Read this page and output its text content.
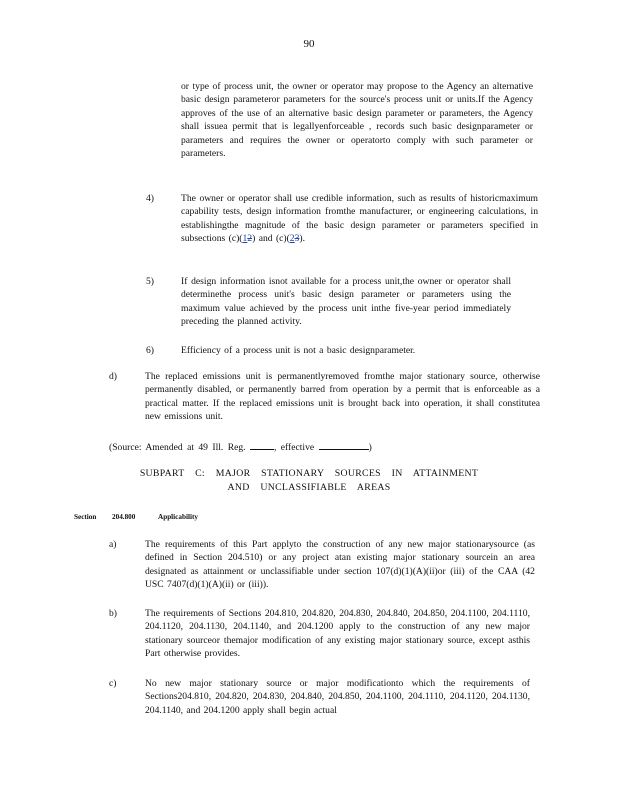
90
or type of process unit, the owner or operator may propose to the Agency an alternative basic design parameteror parameters for the source's process unit or units.If the Agency approves of the use of an alternative basic design parameter or parameters, the Agency shall issuea permit that is legallyenforceable , records such basic designparameter or parameters and requires the owner or operatorto comply with such parameter or parameters.
4)	The owner or operator shall use credible information, such as results of historicmaximum capability tests, design information fromthe manufacturer, or engineering calculations, in establishingthe magnitude of the basic design parameter or parameters specified in subsections (c)(12) and (c)(23).
5)	If design information isnot available for a process unit,the owner or operator shall determinethe process unit's basic design parameter or parameters using the maximum value achieved by the process unit inthe five-year period immediately preceding the planned activity.
6)	Efficiency of a process unit is not a basic designparameter.
d)	The replaced emissions unit is permanentlyremoved fromthe major stationary source, otherwise permanently disabled, or permanently barred from operation by a permit that is enforceable as a practical matter. If the replaced emissions unit is brought back into operation, it shall constitutea new emissions unit.
(Source: Amended at 49 Ill. Reg.	, effective	)
SUBPART C: MAJOR STATIONARY SOURCES IN ATTAINMENT
AND UNCLASSIFIABLE AREAS
Section 204.800	Applicability
a)	The requirements of this Part applyto the construction of any new major stationarysource (as defined in Section 204.510) or any project atan existing major stationary sourcein an area designated as attainment or unclassifiable under section 107(d)(1)(A)(ii)or (iii) of the CAA (42 USC 7407(d)(1)(A)(ii) or (iii)).
b)	The requirements of Sections 204.810, 204.820, 204.830, 204.840, 204.850, 204.1100, 204.1110, 204.1120, 204.1130, 204.1140, and 204.1200 apply to the construction of any new major stationary sourceor themajor modification of any existing major stationary source, except asthis Part otherwise provides.
c)	No new major stationary source or major modificationto which the requirements of Sections204.810, 204.820, 204.830, 204.840, 204.850, 204.1100, 204.1110, 204.1120, 204.1130, 204.1140, and 204.1200 apply shall begin actual
